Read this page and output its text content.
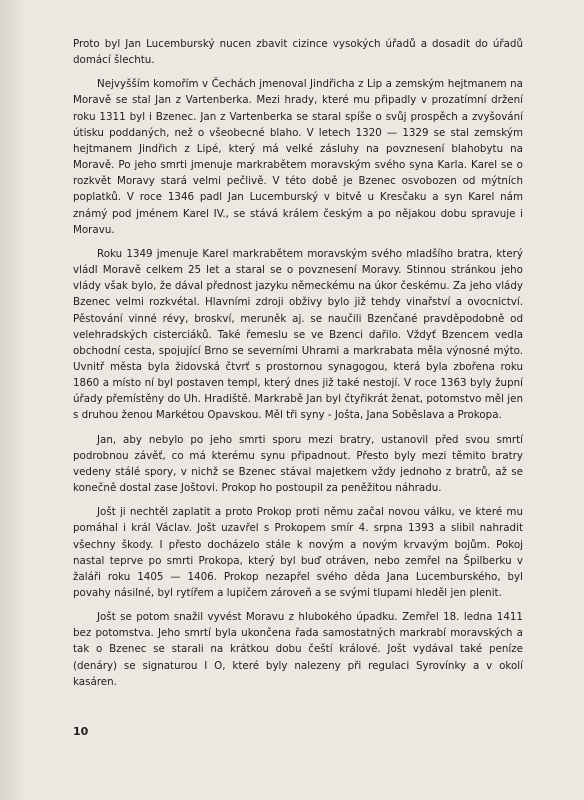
Proto byl Jan Lucemburský nucen zbavit cizince vysokých úřadů a dosadit do úřadů domácí šlechtu.

Nejvyšším komořím v Čechách jmenoval Jindřicha z Lip a zemským hejtmanem na Moravě se stal Jan z Vartenberka. Mezi hrady, které mu připadly v prozatímní držení roku 1311 byl i Bzenec. Jan z Vartenberka se staral spíše o svůj prospěch a zvyšování útisku poddaných, než o všeobecné blaho. V letech 1320 — 1329 se stal zemským hejtmanem Jindřich z Lipé, který má velké zásluhy na povznesení blahobytu na Moravě. Po jeho smrti jmenuje markrabětem moravským svého syna Karla. Karel se o rozkvět Moravy stará velmi pečlivě. V této době je Bzenec osvobozen od mýtních poplatků. V roce 1346 padl Jan Lucemburský v bitvě u Kresčaku a syn Karel nám známý pod jménem Karel IV., se stává králem českým a po nějakou dobu spravuje i Moravu.

Roku 1349 jmenuje Karel markrabětem moravským svého mladšího bratra, který vládl Moravě celkem 25 let a staral se o povznesení Moravy. Stinnou stránkou jeho vlády však bylo, že dával přednost jazyku německému na úkor českému. Za jeho vlády Bzenec velmi rozkvétal. Hlavními zdroji obživy bylo již tehdy vinařství a ovocnictví. Pěstování vinné révy, broskví, meruněk aj. se naučili Bzenčané pravděpodobně od velehradských cisterciáků. Také řemeslu se ve Bzenci dařilo. Vždyť Bzencem vedla obchodní cesta, spojující Brno se severními Uhrami a markrabata měla výnosné mýto. Uvnitř města byla židovská čtvrť s prostornou synagogou, která byla zbořena roku 1860 a místo ní byl postaven templ, který dnes již také nestojí. V roce 1363 byly župní úřady přemístěny do Uh. Hradiště. Markrabě Jan byl čtyřikrát ženat, potomstvo měl jen s druhou ženou Markétou Opavskou. Měl tři syny - Jošta, Jana Soběslava a Prokopa.

Jan, aby nebylo po jeho smrti sporu mezi bratry, ustanovil před svou smrtí podrobnou závěť, co má kterému synu připadnout. Přesto byly mezi těmito bratry vedeny stálé spory, v nichž se Bzenec stával majetkem vždy jednoho z bratrů, až se konečně dostal zase Joštovi. Prokop ho postoupil za peněžitou náhradu.

Jošt ji nechtěl zaplatit a proto Prokop proti němu začal novou válku, ve které mu pomáhal i král Václav. Jošt uzavřel s Prokopem smír 4. srpna 1393 a slibil nahradit všechny škody. I přesto docházelo stále k novým a novým krvavým bojům. Pokoj nastal teprve po smrti Prokopa, který byl buď otráven, nebo zemřel na Špilberku v žaláři roku 1405 — 1406. Prokop nezapřel svého děda Jana Lucemburského, byl povahy násilné, byl rytířem a lupičem zároveň a se svými tlupami hleděl jen plenit.

Jošt se potom snažil vyvést Moravu z hlubokého úpadku. Zemřel 18. ledna 1411 bez potomstva. Jeho smrtí byla ukončena řada samostatných markrabí moravských a tak o Bzenec se starali na krátkou dobu čeští králové. Jošt vydával také peníze (denáry) se signaturou I O, které byly nalezeny při regulaci Syrovínky a v okolí kasáren.

10
